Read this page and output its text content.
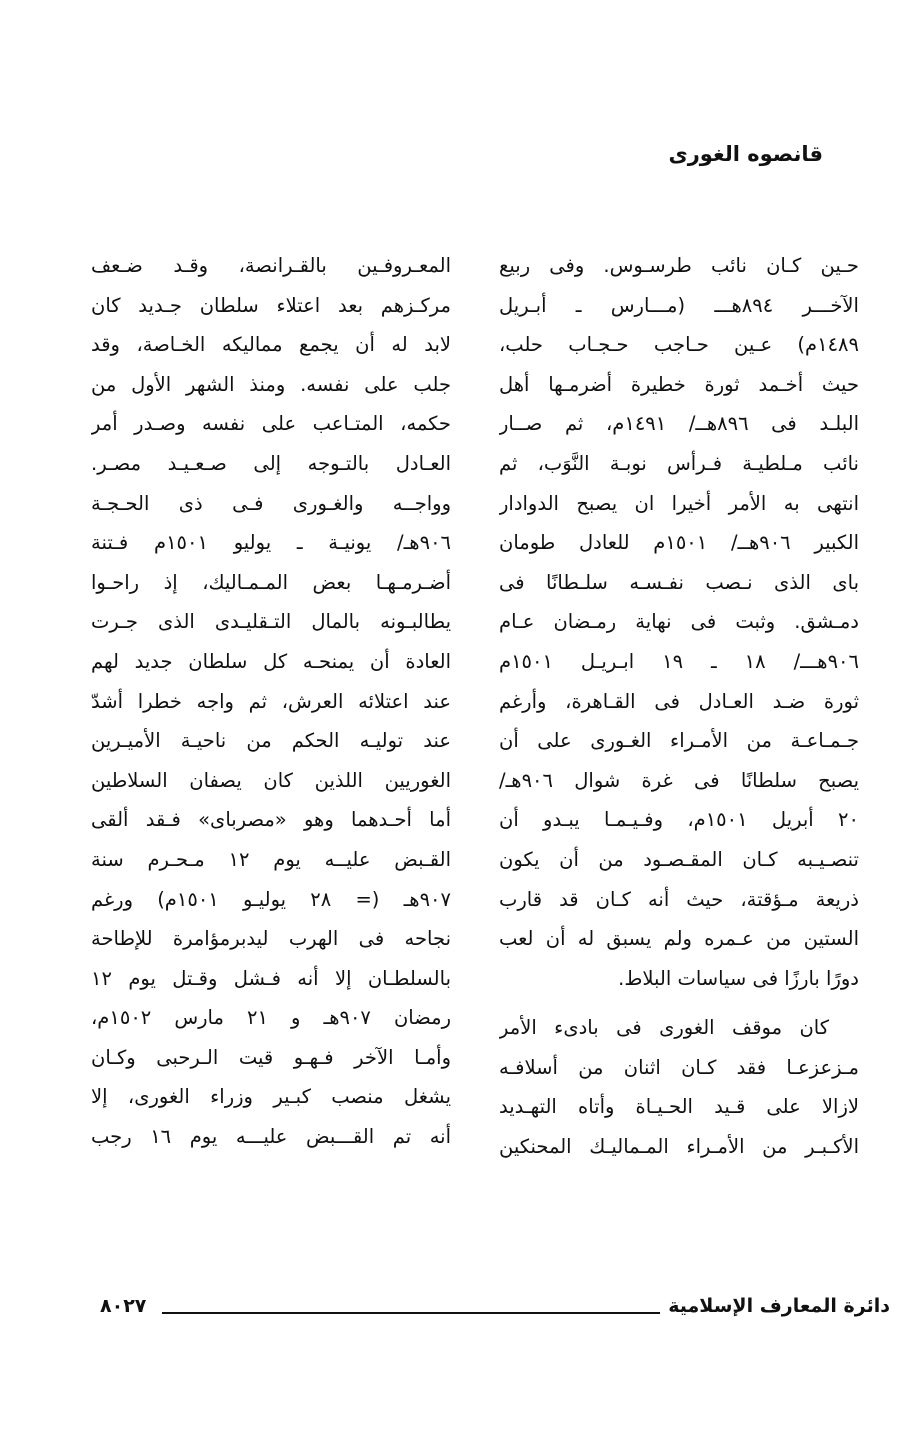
قانصوه الغورى
حـين كـان نائب طرسـوس. وفى ربيع
الآخـــر ٨٩٤هـــ (مـــارس ـ أبـريل
١٤٨٩م) عـين حـاجب حـجـاب حلب،
حيث أخـمد ثورة خطيرة أضرمـها أهل
البلـد فى ٨٩٦هــ/ ١٤٩١م، ثم صــار
نائب مـلطيـة فـرأس نوبـة النَّوَب، ثم
انتهى به الأمر أخيرا ان يصبح الدوادار
الكبير ٩٠٦هــ/ ١٥٠١م للعادل طومان
باى الذى نـصب نفـسـه سلـطانًا فى
دمـشق. وثبت فى نهاية رمـضان عـام
٩٠٦هـــ/ ١٨ ـ ١٩ ابـريـل ١٥٠١م
ثورة ضـد العـادل فى القـاهرة، وأرغم
جـمـاعـة من الأمـراء الغـورى على أن
يصبح سلطانًا فى غرة شوال ٩٠٦هـ/
٢٠ أبريل ١٥٠١م، وفـيـمـا يبـدو أن
تنصـيـبه كـان المقـصـود من أن يكون
ذريعة مـؤقتة، حيث أنه كـان قد قارب
الستين من عـمره ولم يسبق له أن لعب
دورًا بارزًا فى سياسات البلاط.
كان موقف الغورى فى بادىء الأمر
مـزعزعـا فقد كـان اثنان من أسلافـه
لازالا على قـيد الحـيـاة وأتاه التهـديد
الأكـبـر من الأمـراء المـماليـك المحنكين
المعـروفـين بالقـرانصة، وقـد ضـعف
مركـزهم بعد اعتلاء سلطان جـديد كان
لابد له أن يجمع مماليكه الخـاصة، وقد
جلب على نفسه. ومنذ الشهر الأول من
حكمه، المتـاعب على نفسه وصـدر أمر
العـادل بالتـوجه إلى صـعـيـد مصـر.
وواجــه والغـورى فـى ذى الحـجـة
٩٠٦هـ/ يونيـة ـ يوليو ١٥٠١م فـتنة
أضـرمـهـا بعض المـمـاليك، إذ راحـوا
يطالبـونه بالمال التـقليـدى الذى جـرت
العادة أن يمنحـه كل سلطان جديد لهم
عند اعتلائه العرش، ثم واجه خطرا أشدّ
عند توليـه الحكم من ناحيـة الأميـرين
الغوريين اللذين كان يصفان السلاطين
أما أحـدهما وهو «مصرباى» فـقد ألقى
القـبض عليــه يوم ١٢ مـحـرم سنة
٩٠٧هـ (= ٢٨ يوليـو ١٥٠١م) ورغم
نجاحه فى الهرب ليدبرمؤامرة للإطاحة
بالسلطـان إلا أنه فـشل وقـتل يوم ١٢
رمضان ٩٠٧هـ و ٢١ مارس ١٥٠٢م،
وأمـا الآخر فـهـو قيت الـرحبى وكـان
يشغل منصب كبـير وزراء الغورى، إلا
أنه تم القـــبض عليـــه يوم ١٦ رجب
دائرة المعارف الإسلامية
٨٠٢٧
